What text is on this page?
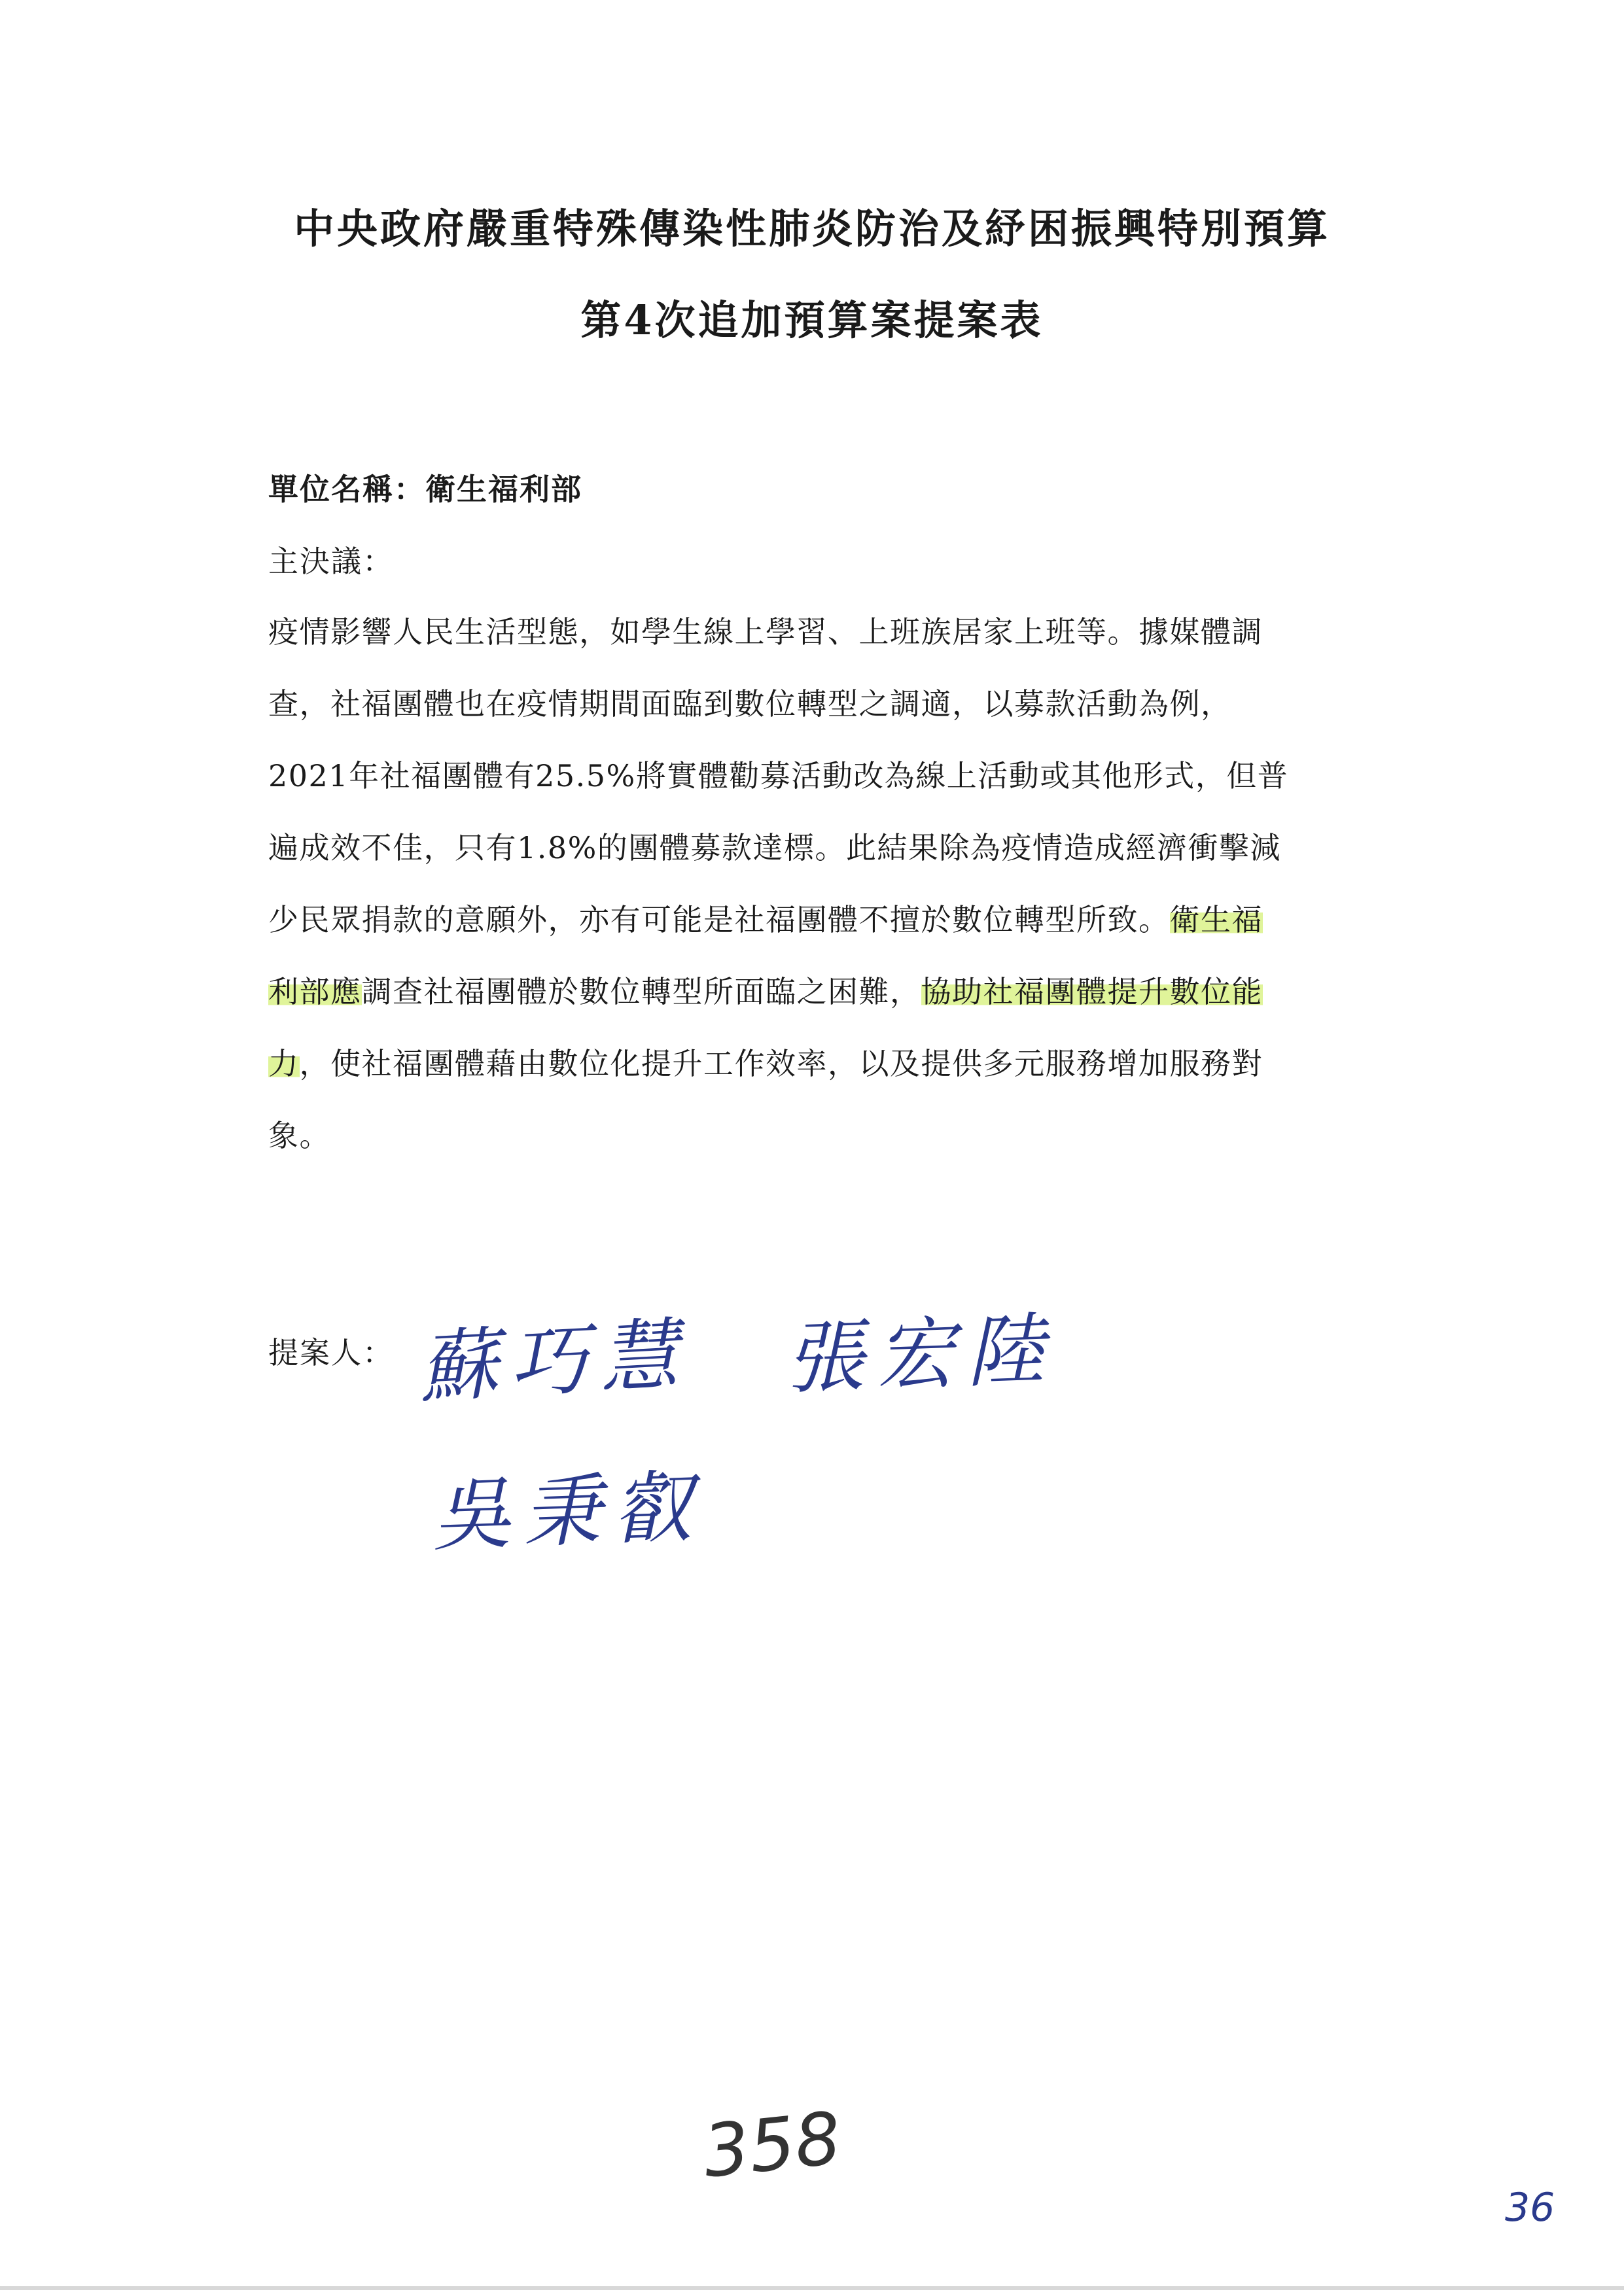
中央政府嚴重特殊傳染性肺炎防治及紓困振興特別預算
第4次追加預算案提案表
單位名稱：衛生福利部
主決議：
疫情影響人民生活型態，如學生線上學習、上班族居家上班等。據媒體調
查，社福團體也在疫情期間面臨到數位轉型之調適，以募款活動為例，
2021年社福團體有25.5%將實體勸募活動改為線上活動或其他形式，但普
遍成效不佳，只有1.8%的團體募款達標。此結果除為疫情造成經濟衝擊減
少民眾捐款的意願外，亦有可能是社福團體不擅於數位轉型所致。衛生福
利部應調查社福團體於數位轉型所面臨之困難，協助社福團體提升數位能
力，使社福團體藉由數位化提升工作效率，以及提供多元服務增加服務對
象。
提案人： 蘇巧慧 張宏陸
吳秉叡
358
36
